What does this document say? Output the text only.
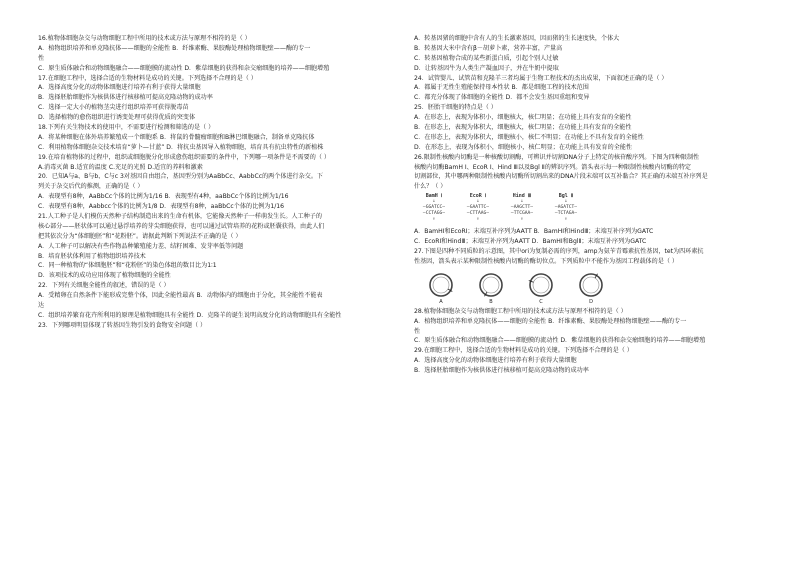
16.植物体细胞杂交与动物细胞工程中所用的技术或方法与原理不相符的是（ ）
A．植物组织培养和单克隆抗体——细胞的全能性 B．纤维素酶、果胶酶处理植物细胞壁——酶的专一
性
C．原生质体融合和动物细胞融合——细胞膜的流动性 D．紫草细胞的获得和杂交瘤细胞的培养——细胞增殖
17.在细胞工程中，选择合适的生物材料是成功的关键。下列选择不合理的是（ ）
A．选择高度分化的动物体细胞进行培养有利于获得大量细胞
B．选择胚胎细胞作为核供体进行核移植可提高克隆动物的成功率
C．选择一定大小的植物茎尖进行组织培养可获得脱毒苗
D．选择植物的愈伤组织进行诱变处理可获得优质的突变体
18.下列有关生物技术的使用中，不需要进行检测和筛选的是（ ）
A．将某种细胞在体外培养繁殖成一个细胞系 B．将鼠的骨髓瘤细胞和B淋巴细胞融合，制备单克隆抗体
C．利用植物体细胞杂交技术培育“萝卜—甘蓝” D．将抗虫基因导入植物细胞，培育具有抗虫特性的新植株
19.在培育植物体的过程中，组织或细胞脱分化形成愈伤组织需要的条件中，下列哪一项条件是不需要的（ ）
A.消毒灭菌 B.适宜的温度 C.充足的光照 D.适宜的养料和激素
20．已知A与a、B与b、C与c 3对基因自由组合，基因型分别为AaBbCc、AabbCc的两个体进行杂交。下
列关于杂交后代的推测，正确的是（ ）
A．表现型有8种，AaBbCc个体的比例为1/16 B．表现型有4种，aaBbCc个体的比例为1/16
C．表现型有8种，Aabbcc个体的比例为1/8 D．表现型有8种，aaBbCc个体的比例为1/16
21.人工种子是人们模仿天然种子结构制造出来的生命有机体，它能像天然种子一样萌发生长。人工种子的
核心部分——胚状体可以通过悬浮培养的芽尖细胞获得，也可以通过试管培养的花粉或胚囊获得，由此人们
把其依次分为“体细胞胚”和“花粉胚”。请据此判断下列说法不正确的是（ ）
A．人工种子可以解决有些作物品种繁殖能力差、结籽困难、发芽率低等问题
B．培育胚状体利用了植物组织培养技术
C．同一种植物的“体细胞胚”和“花粉胚”的染色体组的数目比为1∶1
D．该项技术的成功应用体现了植物细胞的全能性
22．下列有关细胞全能性的叙述，错误的是（ ）
A．受精卵在自然条件下能形成完整个体，因此全能性最高 B．动物体内的细胞由于分化，其全能性不能表
达
C．组织培养繁育花卉所利用的原理是植物细胞具有全能性 D．克隆羊的诞生说明高度分化的动物细胞具有全能性
23．下列哪项明显体现了转基因生物引发的食物安全问题（ ）
A．转基因猪的细胞中含有人的生长激素基因，因而猪的生长速度快，个体大
B．转基因大米中含有β－胡萝卜素，营养丰富，产量高
C．转基因植物合成的某些新蛋白质，引起个别人过敏
D．让转基因牛为人类生产凝血因子，并在牛奶中提取
24．试管婴儿、试管苗和克隆羊三者均属于生物工程技术的杰出成果，下面叙述正确的是（ ）
A．都属于无性生殖能保持母本性状 B．都是细胞工程的技术范围
C．都充分体现了体细胞的全能性 D．都不会发生基因重组和变异
25．胚胎干细胞的特点是（ ）
A．在形态上，表现为体积小，细胞核大，核仁明显；在功能上具有发育的全能性
B．在形态上，表现为体积大，细胞核大，核仁明显；在功能上具有发育的全能性
C．在形态上，表现为体积大，细胞核小，核仁不明显；在功能上不具有发育的全能性
D．在形态上，表现为体积小，细胞核小，核仁明显；在功能上具有发育的全能性
26.限制性核酸内切酶是一种核酸切割酶，可辨识并切割DNA分子上特定的核苷酸序列。下图为四种限制性
核酸内切酶BamH Ⅰ、EcoR Ⅰ、Hind Ⅲ以及Bgl Ⅱ的辨识序列。箭头表示每一种限制性核酸内切酶的特定
切割部位，其中哪两种限制性核酸内切酶所切割出来的DNA片段末端可以互补黏合？其正确的末端互补序列是
什么？（ ）
BamH Ⅰ
↓
—GGATCC—
—CCTAGG—
↑
EcoR Ⅰ
↓
—GAATTC—
—CTTAAG—
↑
Hind Ⅲ
↓
—AAGCTT—
—TTCGAA—
↑
Bgl Ⅱ
↓
—AGATCT—
—TCTAGA—
↑
A．BamHⅠ和EcoRⅠ；末端互补序列为AATT B．BamHⅠ和HindⅢ；末端互补序列为GATC
C．EcoRⅠ和HindⅢ；末端互补序列为AATT D．BamHⅠ和BglⅡ；末端互补序列为GATC
27.下图是四种不同质粒的示意图，其中ori为复制必需的序列，amp为氨苄青霉素抗性基因，tet为四环素抗
性基因，箭头表示某种限制性核酸内切酶的酶切位点。下列质粒中不能作为基因工程载体的是（ ）
A	B	C	D
28.植物体细胞杂交与动物细胞工程中所用的技术或方法与原理不相符的是（ ）
A．植物组织培养和单克隆抗体——细胞的全能性 B．纤维素酶、果胶酶处理植物细胞壁——酶的专一
性
C．原生质体融合和动物细胞融合——细胞膜的流动性 D．紫草细胞的获得和杂交瘤细胞的培养——细胞增殖
29.在细胞工程中，选择合适的生物材料是成功的关键。下列选择不合理的是（ ）
A．选择高度分化的动物体细胞进行培养有利于获得大量细胞
B．选择胚胎细胞作为核供体进行核移植可提高克隆动物的成功率
